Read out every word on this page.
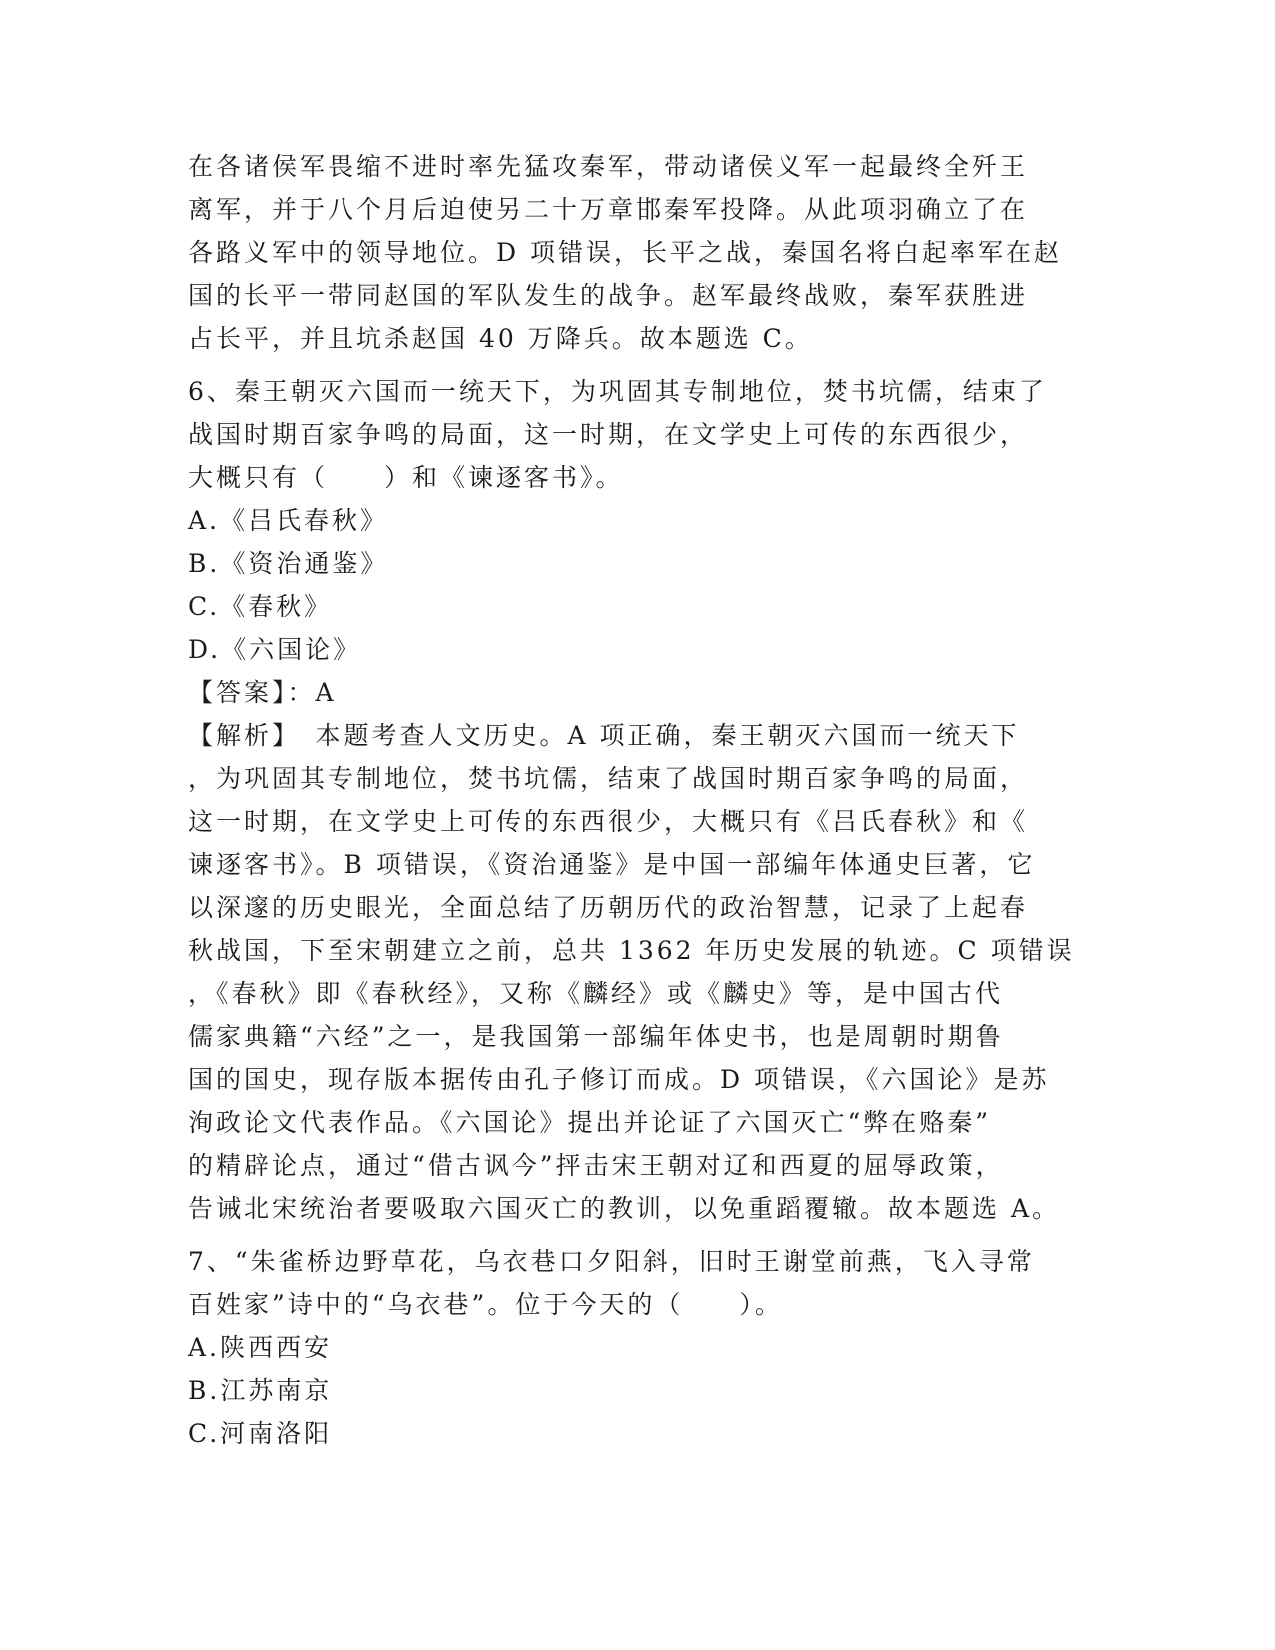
在各诸侯军畏缩不进时率先猛攻秦军，带动诸侯义军一起最终全歼王
离军，并于八个月后迫使另二十万章邯秦军投降。从此项羽确立了在
各路义军中的领导地位。D 项错误，长平之战，秦国名将白起率军在赵
国的长平一带同赵国的军队发生的战争。赵军最终战败，秦军获胜进
占长平，并且坑杀赵国 40 万降兵。故本题选 C。
6、秦王朝灭六国而一统天下，为巩固其专制地位，焚书坑儒，结束了
战国时期百家争鸣的局面，这一时期，在文学史上可传的东西很少，
大概只有（　　）和《谏逐客书》。
A.《吕氏春秋》
B.《资治通鉴》
C.《春秋》
D.《六国论》
【答案】：A
【解析】　本题考查人文历史。A 项正确，秦王朝灭六国而一统天下
，为巩固其专制地位，焚书坑儒，结束了战国时期百家争鸣的局面，
这一时期，在文学史上可传的东西很少，大概只有《吕氏春秋》和《
谏逐客书》。B 项错误，《资治通鉴》是中国一部编年体通史巨著，它
以深邃的历史眼光，全面总结了历朝历代的政治智慧，记录了上起春
秋战国，下至宋朝建立之前，总共 1362 年历史发展的轨迹。C 项错误
，《春秋》即《春秋经》，又称《麟经》或《麟史》等，是中国古代
儒家典籍“六经”之一，是我国第一部编年体史书，也是周朝时期鲁
国的国史，现存版本据传由孔子修订而成。D 项错误，《六国论》是苏
洵政论文代表作品。《六国论》提出并论证了六国灭亡“弊在赂秦”
的精辟论点，通过“借古讽今”抨击宋王朝对辽和西夏的屈辱政策，
告诫北宋统治者要吸取六国灭亡的教训，以免重蹈覆辙。故本题选 A。
7、“朱雀桥边野草花，乌衣巷口夕阳斜，旧时王谢堂前燕，飞入寻常
百姓家”诗中的“乌衣巷”。位于今天的（　　）。
A.陕西西安
B.江苏南京
C.河南洛阳
